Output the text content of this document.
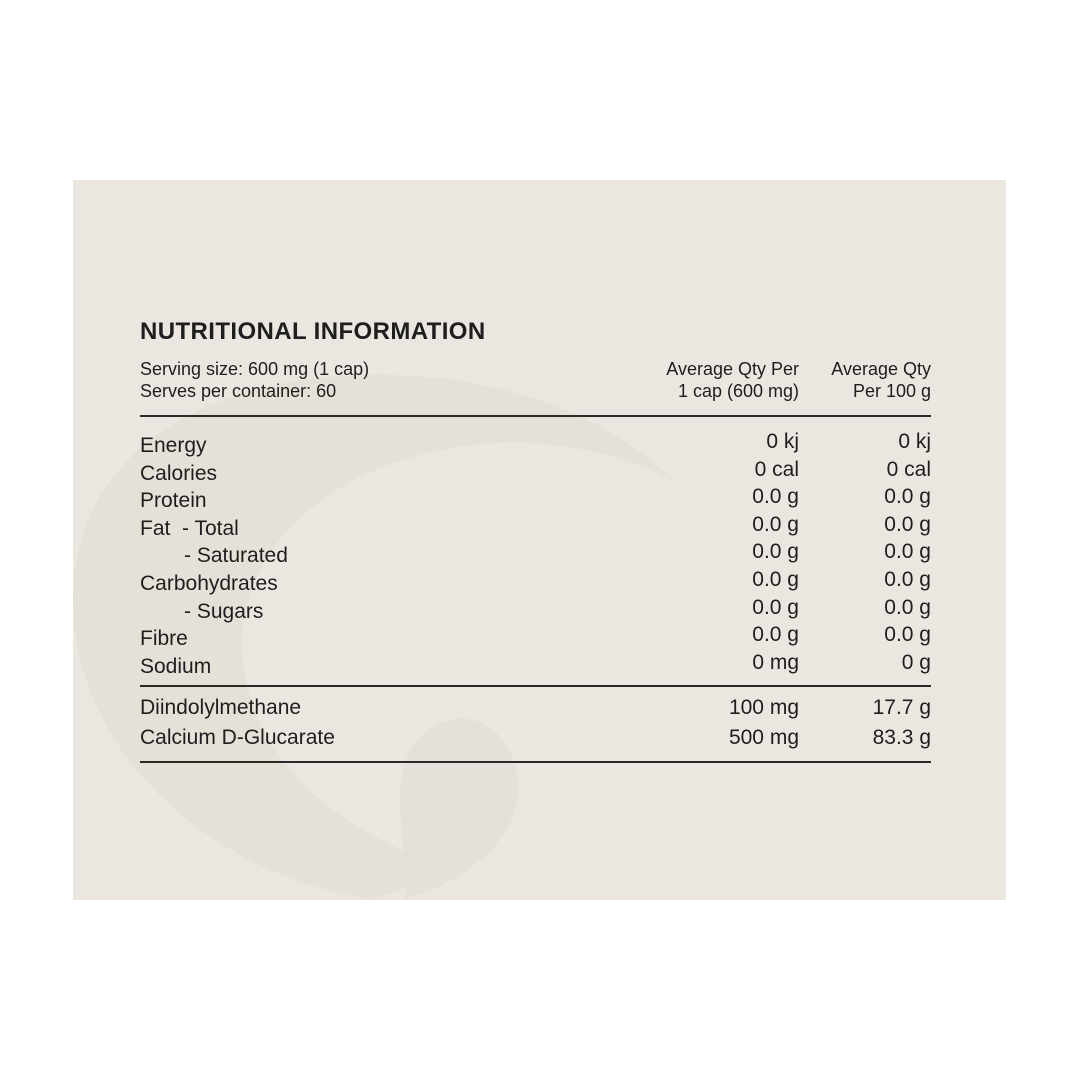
NUTRITIONAL INFORMATION
Serving size: 600 mg (1 cap)
Serves per container: 60
Average Qty Per
1 cap (600 mg)
Average Qty
Per 100 g
Energy	0 kj	0 kj
Calories	0 cal	0 cal
Protein	0.0 g	0.0 g
Fat  - Total	0.0 g	0.0 g
- Saturated	0.0 g	0.0 g
Carbohydrates	0.0 g	0.0 g
- Sugars	0.0 g	0.0 g
Fibre	0.0 g	0.0 g
Sodium	0 mg	0 g
Diindolylmethane	100 mg	17.7 g
Calcium D-Glucarate	500 mg	83.3 g
